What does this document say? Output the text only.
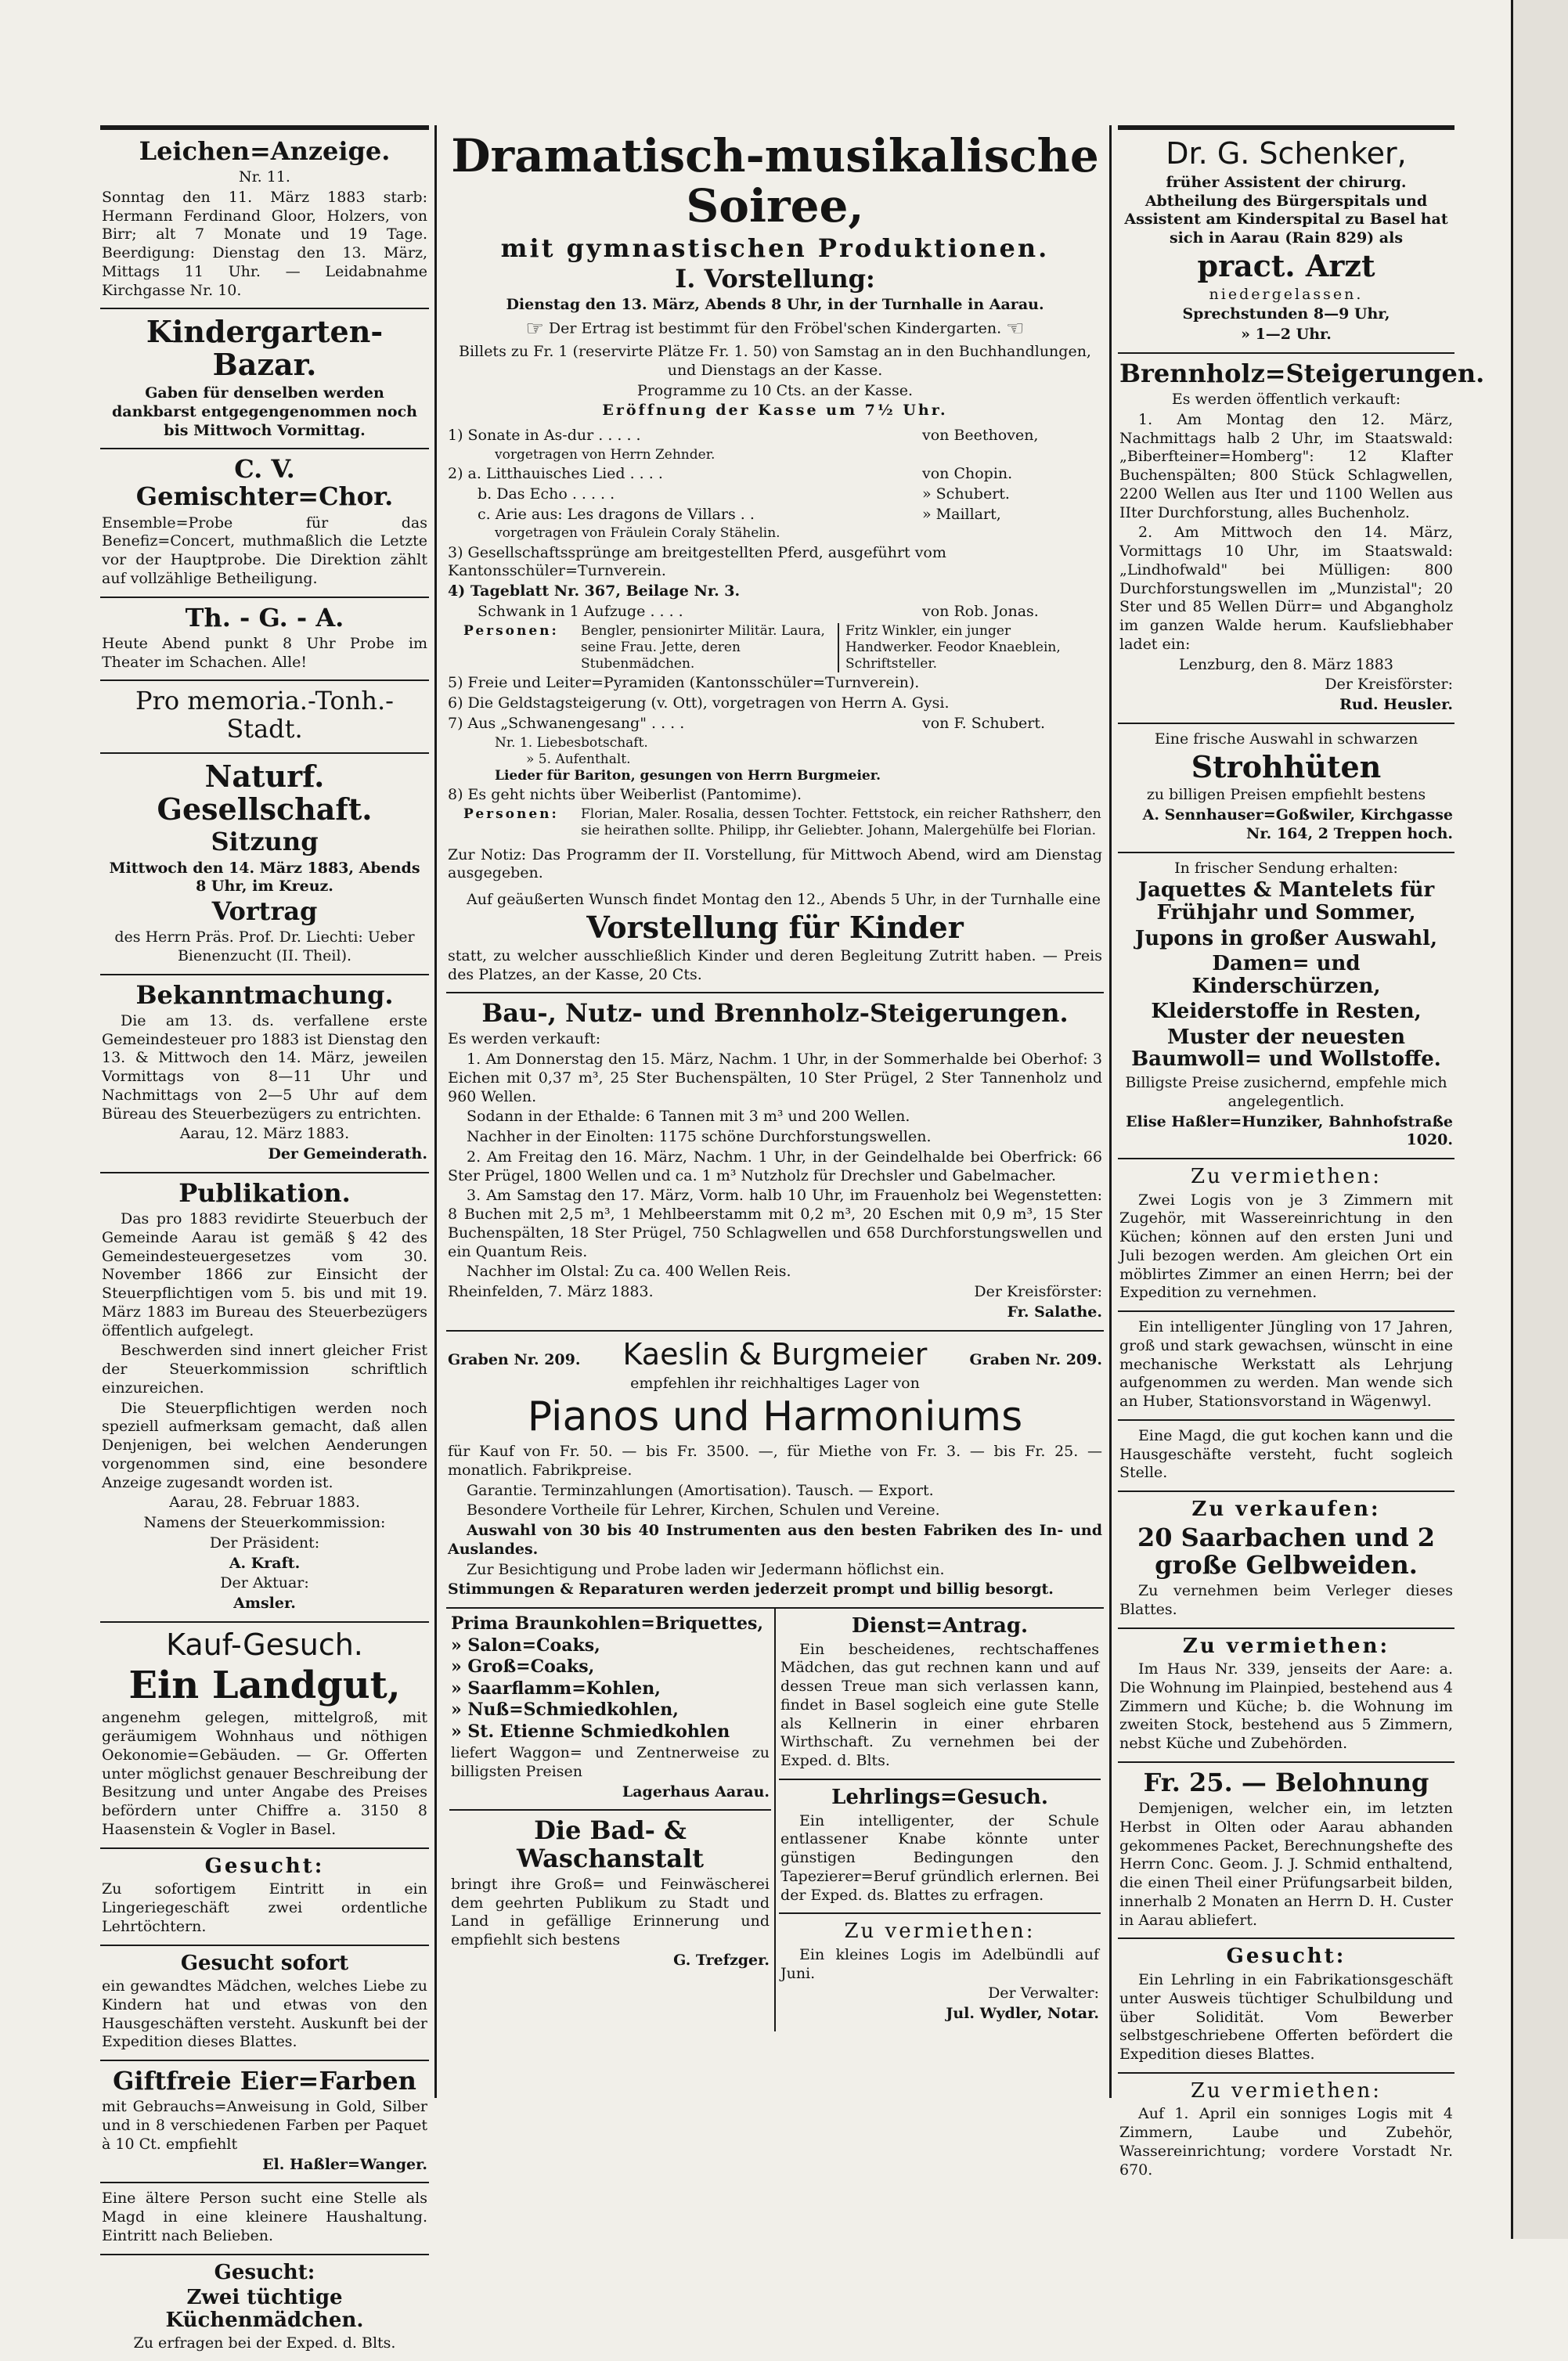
Leichen=Anzeige.

Nr. 11.

Sonntag den 11. März 1883 starb: Hermann Ferdinand Gloor, Holzers, von Birr; alt 7 Monate und 19 Tage. Beerdigung: Dienstag den 13. März, Mittags 11 Uhr. — Leidabnahme Kirchgasse Nr. 10.

Kindergarten-Bazar.

Gaben für denselben werden dankbarst entgegengenommen noch bis Mittwoch Vormittag.

C. V. Gemischter=Chor.

Ensemble=Probe für das Benefiz=Concert, muthmaßlich die Letzte vor der Hauptprobe. Die Direktion zählt auf vollzählige Betheiligung.

Th. - G. - A.

Heute Abend punkt 8 Uhr Probe im Theater im Schachen. Alle!

Pro memoria.-Tonh.-Stadt.
Naturf. Gesellschaft.
Sitzung

Mittwoch den 14. März 1883, Abends 8 Uhr, im Kreuz.

Vortrag

des Herrn Präs. Prof. Dr. Liechti: Ueber Bienenzucht (II. Theil).

Bekanntmachung.

Die am 13. ds. verfallene erste Gemeindesteuer pro 1883 ist Dienstag den 13. & Mittwoch den 14. März, jeweilen Vormittags von 8—11 Uhr und Nachmittags von 2—5 Uhr auf dem Büreau des Steuerbezügers zu entrichten.

Aarau, 12. März 1883.

Der Gemeinderath.

Publikation.

Das pro 1883 revidirte Steuerbuch der Gemeinde Aarau ist gemäß § 42 des Gemeindesteuergesetzes vom 30. November 1866 zur Einsicht der Steuerpflichtigen vom 5. bis und mit 19. März 1883 im Bureau des Steuerbezügers öffentlich aufgelegt.

Beschwerden sind innert gleicher Frist der Steuerkommission schriftlich einzureichen.

Die Steuerpflichtigen werden noch speziell aufmerksam gemacht, daß allen Denjenigen, bei welchen Aenderungen vorgenommen sind, eine besondere Anzeige zugesandt worden ist.

Aarau, 28. Februar 1883.

Namens der Steuerkommission:

Der Präsident:

A. Kraft.

Der Aktuar:

Amsler.

Kauf-Gesuch.
Ein Landgut,

angenehm gelegen, mittelgroß, mit geräumigem Wohnhaus und nöthigen Oekonomie=Gebäuden. — Gr. Offerten unter möglichst genauer Beschreibung der Besitzung und unter Angabe des Preises befördern unter Chiffre a. 3150 8 Haasenstein & Vogler in Basel.

Gesucht:

Zu sofortigem Eintritt in ein Lingeriegeschäft zwei ordentliche Lehrtöchtern.

Gesucht sofort

ein gewandtes Mädchen, welches Liebe zu Kindern hat und etwas von den Hausgeschäften versteht. Auskunft bei der Expedition dieses Blattes.

Giftfreie Eier=Farben

mit Gebrauchs=Anweisung in Gold, Silber und in 8 verschiedenen Farben per Paquet à 10 Ct. empfiehlt

El. Haßler=Wanger.

Eine ältere Person sucht eine Stelle als Magd in eine kleinere Haushaltung. Eintritt nach Belieben.

Gesucht:
Zwei tüchtige Küchenmädchen.

Zu erfragen bei der Exped. d. Blts.

Dramatisch-musikalische Soiree,
mit gymnastischen Produktionen.
I. Vorstellung:

Dienstag den 13. März, Abends 8 Uhr, in der Turnhalle in Aarau.

☞ Der Ertrag ist bestimmt für den Fröbel'schen Kindergarten. ☜

Billets zu Fr. 1 (reservirte Plätze Fr. 1. 50) von Samstag an in den Buchhandlungen, und Dienstags an der Kasse.

Programme zu 10 Cts. an der Kasse.

Eröffnung der Kasse um 7½ Uhr.

1) Sonate in As-dur . . . . .	von Beethoven,
vorgetragen von Herrn Zehnder.
2) a. Litthauisches Lied . . . .	von Chopin.
b. Das Echo . . . . .	» Schubert.
c. Arie aus: Les dragons de Villars . .	» Maillart,
vorgetragen von Fräulein Coraly Stähelin.
3) Gesellschaftssprünge am breitgestellten Pferd, ausgeführt vom Kantonsschüler=Turnverein.
4) Tageblatt Nr. 367, Beilage Nr. 3.
Schwank in 1 Aufzuge . . . .	von Rob. Jonas.
Personen:	Bengler, pensionirter Militär. Laura, seine Frau. Jette, deren Stubenmädchen.
Fritz Winkler, ein junger Handwerker. Feodor Knaeblein, Schriftsteller.
5) Freie und Leiter=Pyramiden (Kantonsschüler=Turnverein).
6) Die Geldstagsteigerung (v. Ott), vorgetragen von Herrn A. Gysi.
7) Aus „Schwanengesang" . . . .	von F. Schubert.
Nr. 1. Liebesbotschaft.
» 5. Aufenthalt.
Lieder für Bariton, gesungen von Herrn Burgmeier.
8) Es geht nichts über Weiberlist (Pantomime).
Personen:	Florian, Maler. Rosalia, dessen Tochter. Fettstock, ein reicher Rathsherr, den sie heirathen sollte. Philipp, ihr Geliebter. Johann, Malergehülfe bei Florian.

Zur Notiz: Das Programm der II. Vorstellung, für Mittwoch Abend, wird am Dienstag ausgegeben.

Auf geäußerten Wunsch findet Montag den 12., Abends 5 Uhr, in der Turnhalle eine

Vorstellung für Kinder

statt, zu welcher ausschließlich Kinder und deren Begleitung Zutritt haben. — Preis des Platzes, an der Kasse, 20 Cts.

Bau-, Nutz- und Brennholz-Steigerungen.

Es werden verkauft:

1. Am Donnerstag den 15. März, Nachm. 1 Uhr, in der Sommerhalde bei Oberhof: 3 Eichen mit 0,37 m³, 25 Ster Buchenspälten, 10 Ster Prügel, 2 Ster Tannenholz und 960 Wellen.

Sodann in der Ethalde: 6 Tannen mit 3 m³ und 200 Wellen.

Nachher in der Einolten: 1175 schöne Durchforstungswellen.

2. Am Freitag den 16. März, Nachm. 1 Uhr, in der Geindelhalde bei Oberfrick: 66 Ster Prügel, 1800 Wellen und ca. 1 m³ Nutzholz für Drechsler und Gabelmacher.

3. Am Samstag den 17. März, Vorm. halb 10 Uhr, im Frauenholz bei Wegenstetten: 8 Buchen mit 2,5 m³, 1 Mehlbeerstamm mit 0,2 m³, 20 Eschen mit 0,9 m³, 15 Ster Buchenspälten, 18 Ster Prügel, 750 Schlagwellen und 658 Durchforstungswellen und ein Quantum Reis.

Nachher im Olstal: Zu ca. 400 Wellen Reis.

Rheinfelden, 7. März 1883.	Der Kreisförster:

Fr. Salathe.

Graben Nr. 209. Kaeslin & Burgmeier	Graben Nr. 209.

empfehlen ihr reichhaltiges Lager von

Pianos und Harmoniums

für Kauf von Fr. 50. — bis Fr. 3500. —, für Miethe von Fr. 3. — bis Fr. 25. — monatlich. Fabrikpreise.

Garantie. Terminzahlungen (Amortisation). Tausch. — Export.

Besondere Vortheile für Lehrer, Kirchen, Schulen und Vereine.

Auswahl von 30 bis 40 Instrumenten aus den besten Fabriken des In- und Auslandes.

Zur Besichtigung und Probe laden wir Jedermann höflichst ein.

Stimmungen & Reparaturen werden jederzeit prompt und billig besorgt.

Prima Braunkohlen=Briquettes,

» Salon=Coaks,

» Groß=Coaks,

» Saarflamm=Kohlen,

» Nuß=Schmiedkohlen,

» St. Etienne Schmiedkohlen

liefert Waggon= und Zentnerweise zu billigsten Preisen

Lagerhaus Aarau.

Die Bad- & Waschanstalt

bringt ihre Groß= und Feinwäscherei dem geehrten Publikum zu Stadt und Land in gefällige Erinnerung und empfiehlt sich bestens

G. Trefzger.

Dienst=Antrag.

Ein bescheidenes, rechtschaffenes Mädchen, das gut rechnen kann und auf dessen Treue man sich verlassen kann, findet in Basel sogleich eine gute Stelle als Kellnerin in einer ehrbaren Wirthschaft. Zu vernehmen bei der Exped. d. Blts.

Lehrlings=Gesuch.

Ein intelligenter, der Schule entlassener Knabe könnte unter günstigen Bedingungen den Tapezierer=Beruf gründlich erlernen. Bei der Exped. ds. Blattes zu erfragen.

Zu vermiethen:

Ein kleines Logis im Adelbündli auf Juni.

Der Verwalter:

Jul. Wydler, Notar.

Dr. G. Schenker,

früher Assistent der chirurg. Abtheilung des Bürgerspitals und Assistent am Kinderspital zu Basel hat sich in Aarau (Rain 829) als

pract. Arzt

niedergelassen.

Sprechstunden 8—9 Uhr,

» 1—2 Uhr.

Brennholz=Steigerungen.

Es werden öffentlich verkauft:

1. Am Montag den 12. März, Nachmittags halb 2 Uhr, im Staatswald: „Biberfteiner=Homberg": 12 Klafter Buchenspälten; 800 Stück Schlagwellen, 2200 Wellen aus Iter und 1100 Wellen aus IIter Durchforstung, alles Buchenholz.

2. Am Mittwoch den 14. März, Vormittags 10 Uhr, im Staatswald: „Lindhofwald" bei Mülligen: 800 Durchforstungswellen im „Munzistal"; 20 Ster und 85 Wellen Dürr= und Abgangholz im ganzen Walde herum. Kaufsliebhaber ladet ein:

Lenzburg, den 8. März 1883

Der Kreisförster:

Rud. Heusler.

Eine frische Auswahl in schwarzen

Strohhüten

zu billigen Preisen empfiehlt bestens

A. Sennhauser=Goßwiler, Kirchgasse Nr. 164, 2 Treppen hoch.

In frischer Sendung erhalten:

Jaquettes & Mantelets für Frühjahr und Sommer,
Jupons in großer Auswahl,
Damen= und Kinderschürzen,
Kleiderstoffe in Resten,
Muster der neuesten Baumwoll= und Wollstoffe.

Billigste Preise zusichernd, empfehle mich angelegentlich.

Elise Haßler=Hunziker, Bahnhofstraße 1020.

Zu vermiethen:

Zwei Logis von je 3 Zimmern mit Zugehör, mit Wassereinrichtung in den Küchen; können auf den ersten Juni und Juli bezogen werden. Am gleichen Ort ein möblirtes Zimmer an einen Herrn; bei der Expedition zu vernehmen.

Ein intelligenter Jüngling von 17 Jahren, groß und stark gewachsen, wünscht in eine mechanische Werkstatt als Lehrjung aufgenommen zu werden. Man wende sich an Huber, Stationsvorstand in Wägenwyl.

Eine Magd, die gut kochen kann und die Hausgeschäfte versteht, fucht sogleich Stelle.

Zu verkaufen:
20 Saarbachen und 2 große Gelbweiden.

Zu vernehmen beim Verleger dieses Blattes.

Zu vermiethen:

Im Haus Nr. 339, jenseits der Aare: a. Die Wohnung im Plainpied, bestehend aus 4 Zimmern und Küche; b. die Wohnung im zweiten Stock, bestehend aus 5 Zimmern, nebst Küche und Zubehörden.

Fr. 25. — Belohnung

Demjenigen, welcher ein, im letzten Herbst in Olten oder Aarau abhanden gekommenes Packet, Berechnungshefte des Herrn Conc. Geom. J. J. Schmid enthaltend, die einen Theil einer Prüfungsarbeit bilden, innerhalb 2 Monaten an Herrn D. H. Custer in Aarau abliefert.

Gesucht:

Ein Lehrling in ein Fabrikationsgeschäft unter Ausweis tüchtiger Schulbildung und über Solidität. Vom Bewerber selbstgeschriebene Offerten befördert die Expedition dieses Blattes.

Zu vermiethen:

Auf 1. April ein sonniges Logis mit 4 Zimmern, Laube und Zubehör, Wassereinrichtung; vordere Vorstadt Nr. 670.
